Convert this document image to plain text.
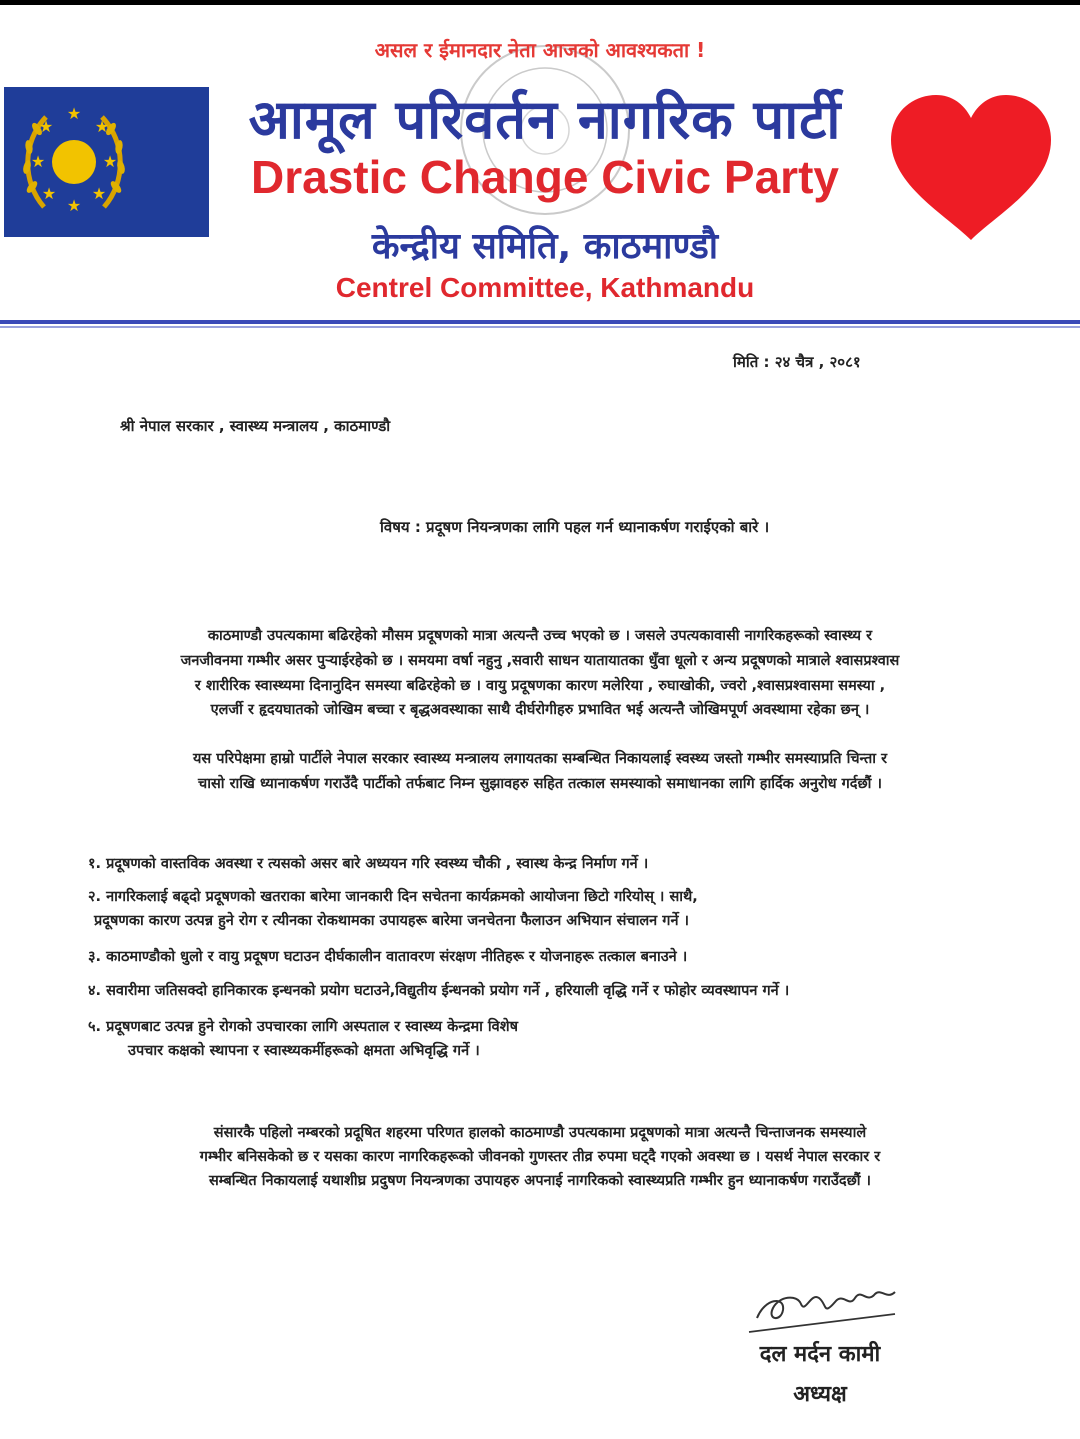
असल र ईमानदार नेता आजको आवश्यकता !
★
★	★
★	★
★ ★
★
आमूल परिवर्तन नागरिक पार्टी
Drastic Change Civic Party
केन्द्रीय समिति, काठमाण्डौ
Centrel Committee, Kathmandu
मिति : २४ चैत्र , २०८१
श्री नेपाल सरकार , स्वास्थ्य मन्त्रालय , काठमाण्डौ
विषय : प्रदूषण नियन्त्रणका लागि पहल गर्न ध्यानाकर्षण गराईएको बारे ।
काठमाण्डौ उपत्यकामा बढिरहेको मौसम प्रदूषणको मात्रा अत्यन्तै उच्च भएको छ । जसले उपत्यकावासी नागरिकहरूको स्वास्थ्य र
जनजीवनमा गम्भीर असर पुऱ्याईरहेको छ । समयमा वर्षा नहुनु ,सवारी साधन यातायातका धुँवा धूलो र अन्य प्रदूषणको मात्राले श्वासप्रश्वास
र शारीरिक स्वास्थ्यमा दिनानुदिन समस्या बढिरहेको छ । वायु प्रदूषणका कारण मलेरिया , रुघाखोकी, ज्वरो ,श्वासप्रश्वासमा समस्या ,
एलर्जी र हृदयघातको जोखिम बच्चा र बृद्धअवस्थाका साथै दीर्घरोगीहरु प्रभावित भई अत्यन्तै जोखिमपूर्ण अवस्थामा रहेका छन् ।
यस परिपेक्षमा हाम्रो पार्टीले नेपाल सरकार स्वास्थ्य मन्त्रालय लगायतका सम्बन्धित निकायलाई स्वस्थ्य जस्तो गम्भीर समस्याप्रति चिन्ता र
चासो राखि ध्यानाकर्षण गराउँदै पार्टीको तर्फबाट निम्न सुझावहरु सहित तत्काल समस्याको समाधानका लागि हार्दिक अनुरोध गर्दछौं ।
१. प्रदूषणको वास्तविक अवस्था र त्यसको असर बारे अध्ययन गरि स्वस्थ्य चौकी , स्वास्थ केन्द्र निर्माण गर्ने ।
२. नागरिकलाई बढ्दो प्रदूषणको खतराका बारेमा जानकारी दिन सचेतना कार्यक्रमको आयोजना छिटो गरियोस् । साथै,
प्रदूषणका कारण उत्पन्न हुने रोग र त्यीनका रोकथामका उपायहरू बारेमा जनचेतना फैलाउन अभियान संचालन गर्ने ।
३. काठमाण्डौको धुलो र वायु प्रदूषण घटाउन दीर्घकालीन वातावरण संरक्षण नीतिहरू र योजनाहरू तत्काल बनाउने ।
४. सवारीमा जतिसक्दो हानिकारक इन्धनको प्रयोग घटाउने,विद्युतीय ईन्धनको प्रयोग गर्ने , हरियाली वृद्धि गर्ने र फोहोर व्यवस्थापन गर्ने ।
५. प्रदूषणबाट उत्पन्न हुने रोगको उपचारका लागि अस्पताल र स्वास्थ्य केन्द्रमा विशेष
उपचार कक्षको स्थापना र स्वास्थ्यकर्मीहरूको क्षमता अभिवृद्धि गर्ने ।
संसारकै पहिलो नम्बरको प्रदूषित शहरमा परिणत हालको काठमाण्डौ उपत्यकामा प्रदूषणको मात्रा अत्यन्तै चिन्ताजनक समस्याले
गम्भीर बनिसकेको छ र यसका कारण नागरिकहरूको जीवनको गुणस्तर तीव्र रुपमा घट्दै गएको अवस्था छ । यसर्थ नेपाल सरकार र
सम्बन्धित निकायलाई यथाशीघ्र प्रदुषण नियन्त्रणका उपायहरु अपनाई नागरिकको स्वास्थ्यप्रति गम्भीर हुन ध्यानाकर्षण गराउँदछौं ।
दल मर्दन कामी
अध्यक्ष
